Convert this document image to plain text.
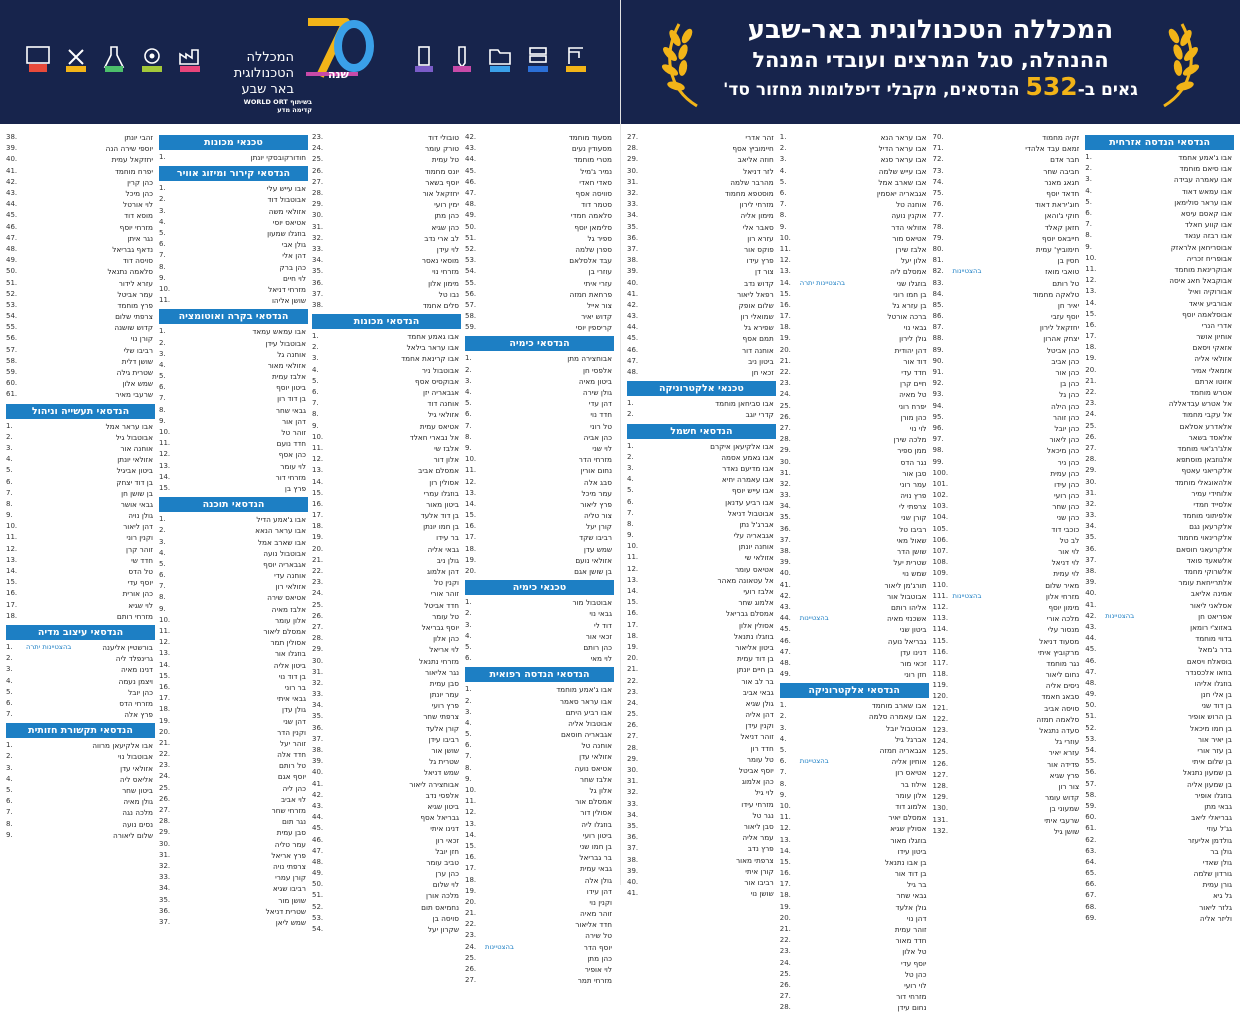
שנה
המכללה
הטכנולוגית
באר שבע
בשיתוף WORLD ORT
קדימה מדע
מסעוד מוחמד
42.
מסעודין נעים
43.
מטרי מוחמד
44.
נמיר ג'מיל
45.
סאדי חאדי
46.
סוויסה אסף
47.
סטמר דוד
48.
סלאמה חמדי
49.
סלימאן יוסף
50.
ספיר גל
51.
ספרן שלמה
52.
עבד אלסלאם
53.
עוזרי בן
54.
עזרי איתי
55.
פרחאת חמזה
56.
צור אייל
57.
קדוש יאיר
58.
קריספין יוסי
59.
הנדסאי כימיה
אבוחצירה מתן
1.
אלפסי חן
2.
ביטון מאיה
3.
גולן שירה
4.
דהן עדי
5.
חדד נוי
6.
טל רוני
7.
כהן אביה
8.
לוי שני
9.
מזרחי הדר
10.
נחום אורין
11.
סבג אלה
12.
עמר מיכל
13.
פרץ ליאור
14.
צור טליה
15.
קורן יעל
16.
רביבו שקד
17.
שמש עדן
18.
אזולאי נועם
19.
בן שושן אגם
20.
טכנאי כימיה
אבוטבול מור
1.
גבאי נוי
2.
דוד לי
3.
זכאי אור
4.
כהן רותם
5.
לוי מאי
6.
הנדסאי הנדסה רפואית
אבו ג'אמע מוחמד
1.
אבו עראר סאמר
2.
אבו רביע היתם
3.
אבוטבול אליה
4.
אגבאריה חוסאם
5.
אוחנה טל
6.
אזולאי עדן
7.
אטיאס נועה
8.
אלבז שחר
9.
אלון גל
10.
אמסלם אור
11.
אסולין דור
12.
בוזגלו ליה
13.
ביטון רועי
14.
בן חמו שני
15.
בר גבריאל
16.
גבאי עמית
17.
גולן אלה
18.
דהן עידו
19.
וקנין נוי
20.
זוהר מאיה
21.
חדד אליאור
22.
טל שירה
23.
יוסף הדר
בהצטיינות
24.
כהן מתן
25.
לוי אופיר
26.
מזרחי תמר
27.
טובולי דוד
23.
טורק עומר
24.
טל עמית
25.
יונס מחמוד
26.
יוסף בשאר
27.
יחזקאל אור
28.
ימין רועי
29.
כהן מתן
30.
כהן שגיא
31.
לב ארי נדב
32.
לוי עידן
33.
מוסאי נאסר
34.
מזרחי נוי
35.
מימון אלון
36.
נבו טל
37.
סלים אחמד
38.
הנדסאי מכונות
אבו גאמע אחמד
1.
אבו עראר בילאל
2.
אבו קרינאת אחמד
3.
אבוטבול ניר
4.
אבוקסיס אסף
5.
אגבאריה יזן
6.
אוחנה דוד
7.
אזולאי גיל
8.
אטיאס עמית
9.
אל נבארי חאלד
10.
אלבז שי
11.
אלון דור
12.
אמסלם אביב
13.
אסולין רון
14.
בוזגלו עמרי
15.
ביטון מאור
16.
בן דוד אלעד
17.
בן חמו יונתן
18.
בר עידו
19.
גבאי אליה
20.
גולן ניב
21.
דהן אלמוג
22.
וקנין טל
23.
זוהר אורי
24.
חדד אביטל
25.
טל עומר
26.
יוסף גבריאל
27.
כהן אלון
28.
לוי אריאל
29.
מזרחי נתנאל
30.
נגר אליאור
31.
סבן עמית
32.
עמר יונתן
33.
פרץ רועי
34.
צרפתי שחר
35.
קורן אלעד
36.
רביבו עידן
37.
שושן אור
38.
שטרית גל
39.
שמש דניאל
40.
אבוחצירה ליאור
41.
אלפסי נדב
42.
ביטון שגיא
43.
גבריאל אסף
44.
דנינו איתי
45.
זכאי רון
46.
חזן יובל
47.
טביב עומר
48.
כהן ערן
49.
לוי שלום
50.
מלכה אורן
51.
נחמיאס תום
52.
סויסה בן
53.
שקרון יעל
54.
טכנאי מכונות
חודורקובסקי יונתן
1.
הנדסאי קירור ומיזוג אוויר
אבו עייש עלי
1.
אבוטבול דוד
2.
אזולאי משה
3.
אטיאס יוסי
4.
בוזגלו שמעון
5.
גולן אבי
6.
דהן אלי
7.
כהן ברק
8.
לוי חיים
9.
מזרחי דניאל
10.
שושן אליהו
11.
הנדסאי בקרה ואוטומציה
אבו עמאש עמאד
1.
אבוטבול עידן
2.
אוחנה גל
3.
אזולאי מאור
4.
אלבז עמית
5.
ביטון יוסף
6.
בן דוד רון
7.
גבאי שחר
8.
דהן אור
9.
זוהר טל
10.
חדד נועם
11.
כהן אסף
12.
לוי עומר
13.
מזרחי דור
14.
פרץ בן
15.
הנדסאי תוכנה
אבו ג'אמע הדיל
1.
אבו עראר הנאא
2.
אבו שארב אמל
3.
אבוטבול נועה
4.
אגבאריה יוסף
5.
אוחנה עדי
6.
אזולאי רון
7.
אטיאס שירה
8.
אלבז מאיה
9.
אלון עומר
10.
אמסלם ליאור
11.
אסולין תמר
12.
בוזגלו אור
13.
ביטון אליה
14.
בן דוד נוי
15.
בר רוני
16.
גבאי איתי
17.
גולן עדן
18.
דהן שני
19.
וקנין הדר
20.
זוהר יעל
21.
חדד אלה
22.
טל רותם
23.
יוסף אגם
24.
כהן ליה
25.
לוי אביב
26.
מזרחי שחר
27.
נגר תום
28.
סבן עמית
29.
עמר טליה
30.
פרץ אריאל
31.
צרפתי נויה
32.
קורן עמרי
33.
רביבו שגיא
34.
שושן מור
35.
שטרית דניאל
36.
שמש ליאן
37.
זהבי יונתן
38.
יוספי שירה הנה
39.
יחזקאל עמית
40.
יפרח מוחמד
41.
כהן קרין
42.
כהן מיכל
43.
לוי אורטל
44.
מוסא דוד
45.
מזרחי יוסף
46.
נגר איתן
47.
נדאף גבריאל
48.
סויסה דוד
49.
סלאמה נתנאל
50.
עזרא לידור
51.
עמר אביטל
52.
פרץ מוחמד
53.
צרפתי שלום
54.
קדוש שושנה
55.
קורן נוי
56.
רביבו שלי
57.
שושן דלית
58.
שטרית גילה
59.
שמש אלון
60.
שרעבי מאיר
61.
הנדסאי תעשייה וניהול
אבו עראר אמל
1.
אבוטבול גיל
2.
אוחנה אור
3.
אזולאי יונתן
4.
ביטון אביגיל
5.
בן דוד יצחק
6.
בן שושן חן
7.
גבאי אושר
8.
גולן נויה
9.
דהן ליאור
10.
וקנין רוני
11.
זוהר קרן
12.
חדד שי
13.
טל הדס
14.
יוסף עדי
15.
כהן אורית
16.
לוי שגיא
17.
מזרחי רותם
18.
הנדסאי עיצוב מדיה
בורשטיין אליענה
בהצטיינות יתרה
1.
גרינפלד ליה
2.
דנינו מאיה
3.
ויצמן נעמה
4.
כהן יובל
5.
מזרחי הדס
6.
פרץ אלה
7.
הנדסאי תקשורת חזותית
אבו אלקיעאן מרווה
1.
אבוטבול נוי
2.
אזולאי עדן
3.
אליאס ליה
4.
ביטון שחר
5.
גולן מאיה
6.
מלכה נגה
7.
נסים נועה
8.
שלום ליאורה
9.
המכללה הטכנולוגית באר-שבע
ההנהלה, סגל המרצים ועובדי המנהל
גאים ב-532 הנדסאים, מקבלי דיפלומות מחזור סד'
הנדסאי הנדסה אזרחית
אבו ג'אמע אחמד
1.
אבו סיאם מוחמד
2.
אבו עאמרה עבידה
3.
אבו עמאש דאוד
4.
אבו עראר סולימאן
5.
אבו קאסם עיסא
6.
אבו קווע חאלד
7.
אבו רבזה ענאד
8.
אבוסריחאן אלראזק
9.
אבופריח זכריה
10.
אבוקרינאת מוחמד
11.
אבוקבאל חאג איסה
12.
אבורוקיה ואיל
13.
אבורביע איאד
14.
אבוסלאמה יוסף
15.
אדרי הנרי
16.
אוחיון אושר
17.
אזאקי ויסאם
18.
אזולאי אליה
19.
אזמאלי אמיר
20.
אזוטו ארתם
21.
אטרש מוחמד
22.
אל אטרש עבדאללה
23.
אל עקבי מחמוד
24.
אלאדרע אסלאם
25.
אלאסד בשאר
26.
אלג'רג'אוי מוחמד
27.
אלגוזבאן מוסתפא
28.
אלקריאני עאטף
29.
אלהאוגאלי מוחמד
30.
אלוחידי עמיר
31.
אלסייד חמדי
32.
אלפיתוני מוחמד
33.
אלקרעאן נגם
34.
אלקרינאוי מחמוד
35.
אלקרעאני חוסאם
36.
אלשאעד פואד
37.
אלשרוקי מחמד
38.
אלתרייחאת עומר
39.
אמינה אליאב
40.
אסלאני ליאור
41.
אפריאט חן
בהצטיינות
42.
באזוצ'י רומאן
43.
בדווי מוחמד
44.
בדר ג'מאל
45.
בוסאלח ויסאם
46.
בוזאו אלכסנדר
47.
בוזגלו אליהו
48.
בן אלי חנן
49.
בן דוד שני
50.
בן הרוש אופיר
51.
בן חמו מיכאל
52.
בן יאיר אור
53.
בן עזר אורי
54.
בן שלום איתי
55.
בן שמעון נתנאל
56.
בן שמעון אליה
57.
בוזגלו אופיר
58.
גבאי מתן
59.
גבריאלי ליאב
60.
גג'ל עוזי
61.
גולדמן אליעזר
62.
גולן בר
63.
גולן שאדי
64.
גורדון שלמה
65.
גורן עמית
66.
גל גיא
67.
גלזר ליאור
68.
וליזר אליה
69.
זקיה מחמוד
70.
זמאם עבד אלהדי
71.
חבר אדם
72.
חביבה שחר
73.
חגאג מאנר
74.
חדאד יוסף
75.
חוג'יראת דאוד
76.
חוקי ג'והאן
77.
חזאן קאלד
78.
חייבאס יוסף
79.
חימוביץ' עמית
80.
חסין בן
81.
טואבי מואז
בהצטיינות
82.
טל רותם
83.
טלאקה מחמוד
84.
יאיר חן
85.
יוסף עזבי
86.
יחזקאל לירון
87.
יצחק אהרון
88.
כהן אביטל
89.
כהן אביב
90.
כהן אור
91.
כהן בן
92.
כהן גל
93.
כהן הילה
94.
כהן זוהר
95.
כהן יובל
96.
כהן ליאור
97.
כהן מיכאל
98.
כהן ניר
99.
כהן עמית
100.
כהן עידו
101.
כהן רועי
102.
כהן שחר
103.
כהן שני
104.
כוכבי דוד
105.
לב טל
106.
לוי אור
107.
לוי דניאל
108.
לוי עמית
109.
מאיר שלום
110.
מזרחי אלון
בהצטיינות
111.
מימון יוסף
112.
מלכה אורי
113.
מנסור עלי
114.
מסעוד דניאל
115.
מרקוביץ איתי
116.
נגר מוחמד
117.
נחום ליאור
118.
ניסים אליה
119.
סבאג חאמד
120.
סויסה אביב
121.
סלאמה חמזה
122.
סעדה נתנאל
123.
עוזרי גל
124.
עזרא יאיר
125.
פדידה אור
126.
פרץ שגיא
127.
צור רון
128.
קדוש עומר
129.
שמעוני בן
130.
שרעבי איתי
131.
שושן גיל
132.
אבו עראר הנא
1.
אבו עראר הדיל
2.
אבו עראר סנא
3.
אבו עייש שלמה
4.
אבו שארב אמל
5.
אגבאריה יאסמין
6.
אוחנה טל
7.
אוקנין נועה
8.
אזולאי הדר
9.
אטיאס מור
10.
אלבז שירן
11.
אלון יעל
12.
אמסלם ליה
13.
בוזגלו שני
בהצטיינות יתרה
14.
בן חמו רוני
15.
בן עזרא גל
16.
ברכה אורטל
17.
גבאי נוי
18.
גולן לירון
19.
דהן יהודית
20.
דוד אור
21.
חדד עדי
22.
חיים קרן
23.
טל מאיה
24.
יפרח רוני
25.
כהן מורן
26.
לוי נוי
27.
מלכה שירן
28.
ממן ספיר
29.
נגר הדס
30.
סבן אור
31.
עמר רוני
32.
פרץ נויה
33.
צרפתי לי
34.
קורן שני
35.
רביבו טל
36.
שאול מאי
37.
שושן הדר
38.
שטרית יעל
39.
שמש נוי
40.
תורג'מן ליאור
41.
אבוטבול אור
42.
אליהו רותם
43.
אשכנזי מאיה
בהצטיינות
44.
ביטון שני
45.
גבריאל נועה
46.
דנינו עדן
47.
זכאי מור
48.
חזן רוני
49.
הנדסאי אלקטרוניקה
אבו שארב מוחמד
1.
אבו עאמרה סלמה
2.
אבוטבול יובל
3.
אברגל גיל
4.
אגבאריה חמזה
5.
אוחיון אליה
בהצטיינות
6.
אטיאס רון
7.
אילוז בר
8.
אלון עומר
9.
אלמוג דוד
10.
אמסלם יאיר
11.
אסולין שגיא
12.
בוזגלו מאור
13.
ביטון עידו
14.
בן אבו נתנאל
15.
בן דוד אור
16.
בר גיל
17.
גבאי שחר
18.
גולן אלעד
19.
דהן נוי
20.
זוהר עמית
21.
חדד מאור
22.
טל אלון
23.
יוסף עדי
24.
כהן טל
25.
לוי רועי
26.
מזרחי דור
27.
נחום עידן
28.
זהר אדרי
27.
חיימוביץ אסף
28.
חוזה אליאב
29.
לזר דניאל
30.
מהרבר שלמה
31.
מוסטפא מחמוד
32.
מזרחי לירון
33.
מימון אליה
34.
סאבר אלי
35.
עזרא רון
36.
פוקס אור
37.
פרץ עידו
38.
צור דן
39.
קדוש נדב
40.
רפאל ליאור
41.
שלום אופק
42.
שמואלי רון
43.
שפירא גל
44.
תמם אסף
45.
אוחנה דור
46.
ביטון ניב
47.
זכאי חן
48.
טכנאי אלקטרוניקה
אבו סביחאן מוחמד
1.
קדרי יוגב
2.
הנדסאי חשמל
אבו אלקיעאן איקרם
1.
אבו גאמע אסמה
2.
אבו מדיעם נאדר
3.
אבו עאמרה יחיא
4.
אבו עייש יוסף
5.
אבו רביע עדנאן
6.
אבוטבול דניאל
7.
אברג'ל נתן
8.
אגבאריה עלי
9.
אוחנה יונתן
10.
אזולאי שי
11.
אטיאס עומר
12.
אל עטאונה מאהר
13.
אלבז רועי
14.
אלמוג שחר
15.
אמסלם גבריאל
16.
אסולין אלון
17.
בוזגלו נתנאל
18.
ביטון אליאור
19.
בן דוד עמית
20.
בן חיים יונתן
21.
בר לב אור
22.
גבאי אביב
23.
גולן שגיא
24.
דהן אליה
25.
וקנין עידן
26.
זוהר דניאל
27.
חדד רון
28.
טל עומר
29.
יוסף אביטל
30.
כהן אלמוג
31.
לוי גיל
32.
מזרחי עידו
33.
נגר טל
34.
סבן ליאור
35.
עמר אליה
36.
פרץ נדב
37.
צרפתי מאור
38.
קורן איתי
39.
רביבו אור
40.
שושן נוי
41.
